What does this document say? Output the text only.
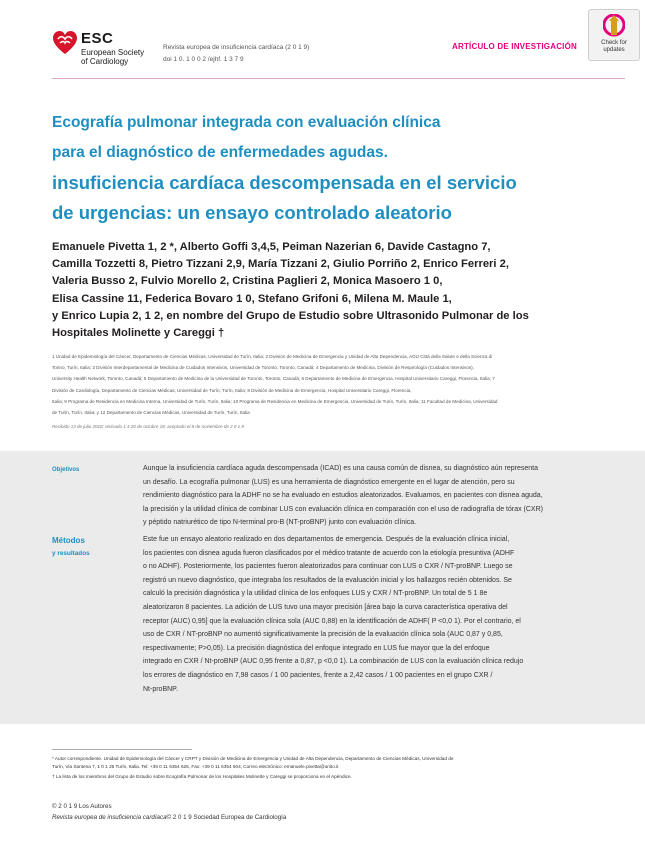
ESC
European Society
of Cardiology
Revista europea de insuficiencia cardíaca (2 0 1 9)
doi 1 0. 1 0 0 2 /ejhf. 1 3 7 9
ARTÍCULO DE INVESTIGACIÓN	Check for
updates
Ecografía pulmonar integrada con evaluación clínica
para el diagnóstico de enfermedades agudas.
insuficiencia cardíaca descompensada en el servicio
de urgencias: un ensayo controlado aleatorio
Emanuele Pivetta 1, 2 *, Alberto Goffi 3,4,5, Peiman Nazerian 6, Davide Castagno 7,
Camilla Tozzetti 8, Pietro Tizzani 2,9, María Tizzani 2, Giulio Porriño 2, Enrico Ferreri 2,
Valeria Busso 2, Fulvio Morello 2, Cristina Paglieri 2, Monica Masoero 1 0,
Elisa Cassine 11, Federica Bovaro 1 0, Stefano Grifoni 6, Milena M. Maule 1,
y Enrico Lupia 2, 1 2, en nombre del Grupo de Estudio sobre Ultrasonido Pulmonar de los
Hospitales Molinette y Careggi †
1 Unidad de Epidemiología del Cáncer, Departamento de Ciencias Médicas, Universidad de Turín, Italia; 2 División de Medicina de Emergencia y Unidad de Alta Dependencia, AOU Città della Salute e della Scienza di
Torino, Turín, Italia; 3 División Interdepartamental de Medicina de Cuidados Intensivos, Universidad de Toronto, Toronto, Canadá; 4 Departamento de Medicina, División de Respirología (Cuidados Intensivos),
University Health Network, Toronto, Canadá; 5 Departamento de Medicina de la Universidad de Toronto, Toronto, Canadá; 6 Departamento de Medicina de Emergencia, Hospital Universitario Careggi, Florencia, Italia; 7
División de Cardiología, Departamento de Ciencias Médicas, Universidad de Turín, Turín, Italia; 8 División de Medicina de Emergencia, Hospital Universitario Careggi, Florencia,
Italia; 9 Programa de Residencia en Medicina Interna, Universidad de Turín, Turín, Italia; 10 Programa de Residencia en Medicina de Emergencia, Universidad de Turín, Turín, Italia; 11 Facultad de Medicina, Universidad
de Turín, Turín, Italia; y 12 Departamento de Ciencias Médicas, Universidad de Turín, Turín, Italia
Recibido 13 de julio 2018; revisado 1 4 20 de octubre 18; aceptado el 8 de noviembre de 2 0 1 8
Objetivos	Aunque la insuficiencia cardíaca aguda descompensada (ICAD) es una causa común de disnea, su diagnóstico aún representa
un desafío. La ecografía pulmonar (LUS) es una herramienta de diagnóstico emergente en el lugar de atención, pero su
rendimiento diagnóstico para la ADHF no se ha evaluado en estudios aleatorizados. Evaluamos, en pacientes con disnea aguda,
la precisión y la utilidad clínica de combinar LUS con evaluación clínica en comparación con el uso de radiografía de tórax (CXR)
y péptido natriurético de tipo N-terminal pro-B (NT-proBNP) junto con evaluación clínica.
Métodos
y resultados
Este fue un ensayo aleatorio realizado en dos departamentos de emergencia. Después de la evaluación clínica inicial,
los pacientes con disnea aguda fueron clasificados por el médico tratante de acuerdo con la etiología presuntiva (ADHF
o no ADHF). Posteriormente, los pacientes fueron aleatorizados para continuar con LUS o CXR / NT-proBNP. Luego se
registró un nuevo diagnóstico, que integraba los resultados de la evaluación inicial y los hallazgos recién obtenidos. Se
calculó la precisión diagnóstica y la utilidad clínica de los enfoques LUS y CXR / NT-proBNP. Un total de 5 1 8e
aleatorizaron 8 pacientes. La adición de LUS tuvo una mayor precisión [área bajo la curva característica operativa del
receptor (AUC) 0,95] que la evaluación clínica sola (AUC 0,88) en la identificación de ADHF( P <0,0 1). Por el contrario, el
uso de CXR / NT-proBNP no aumentó significativamente la precisión de la evaluación clínica sola (AUC 0,87 y 0,85,
respectivamente; P>0,05). La precisión diagnóstica del enfoque integrado en LUS fue mayor que la del enfoque
integrado en CXR / Nt-proBNP (AUC 0,95 frente a 0,87, p <0,0 1). La combinación de LUS con la evaluación clínica redujo
los errores de diagnóstico en 7,98 casos / 1 00 pacientes, frente a 2,42 casos / 1 00 pacientes en el grupo CXR /
Nt-proBNP.
* Autor correspondiente. Unidad de Epidemiología del Cáncer y CRPT y División de Medicina de Emergencia y Unidad de Alta Dependencia, Departamento de Ciencias Médicas, Universidad de
Turín, Via Santena 7, 1 0 1 26 Turín, Italia. Tel: +39 0 11 6354 626, Fax: +39 0 11 6354 604, Correo electrónico: emanuele.pivetta@unito.it
† La lista de los miembros del Grupo de Estudio sobre Ecografía Pulmonar de los Hospitales Molinette y Careggi se proporciona en el Apéndice.
© 2 0 1 9 Los Autores
Revista europea de insuficiencia cardíaca© 2 0 1 9 Sociedad Europea de Cardiología
